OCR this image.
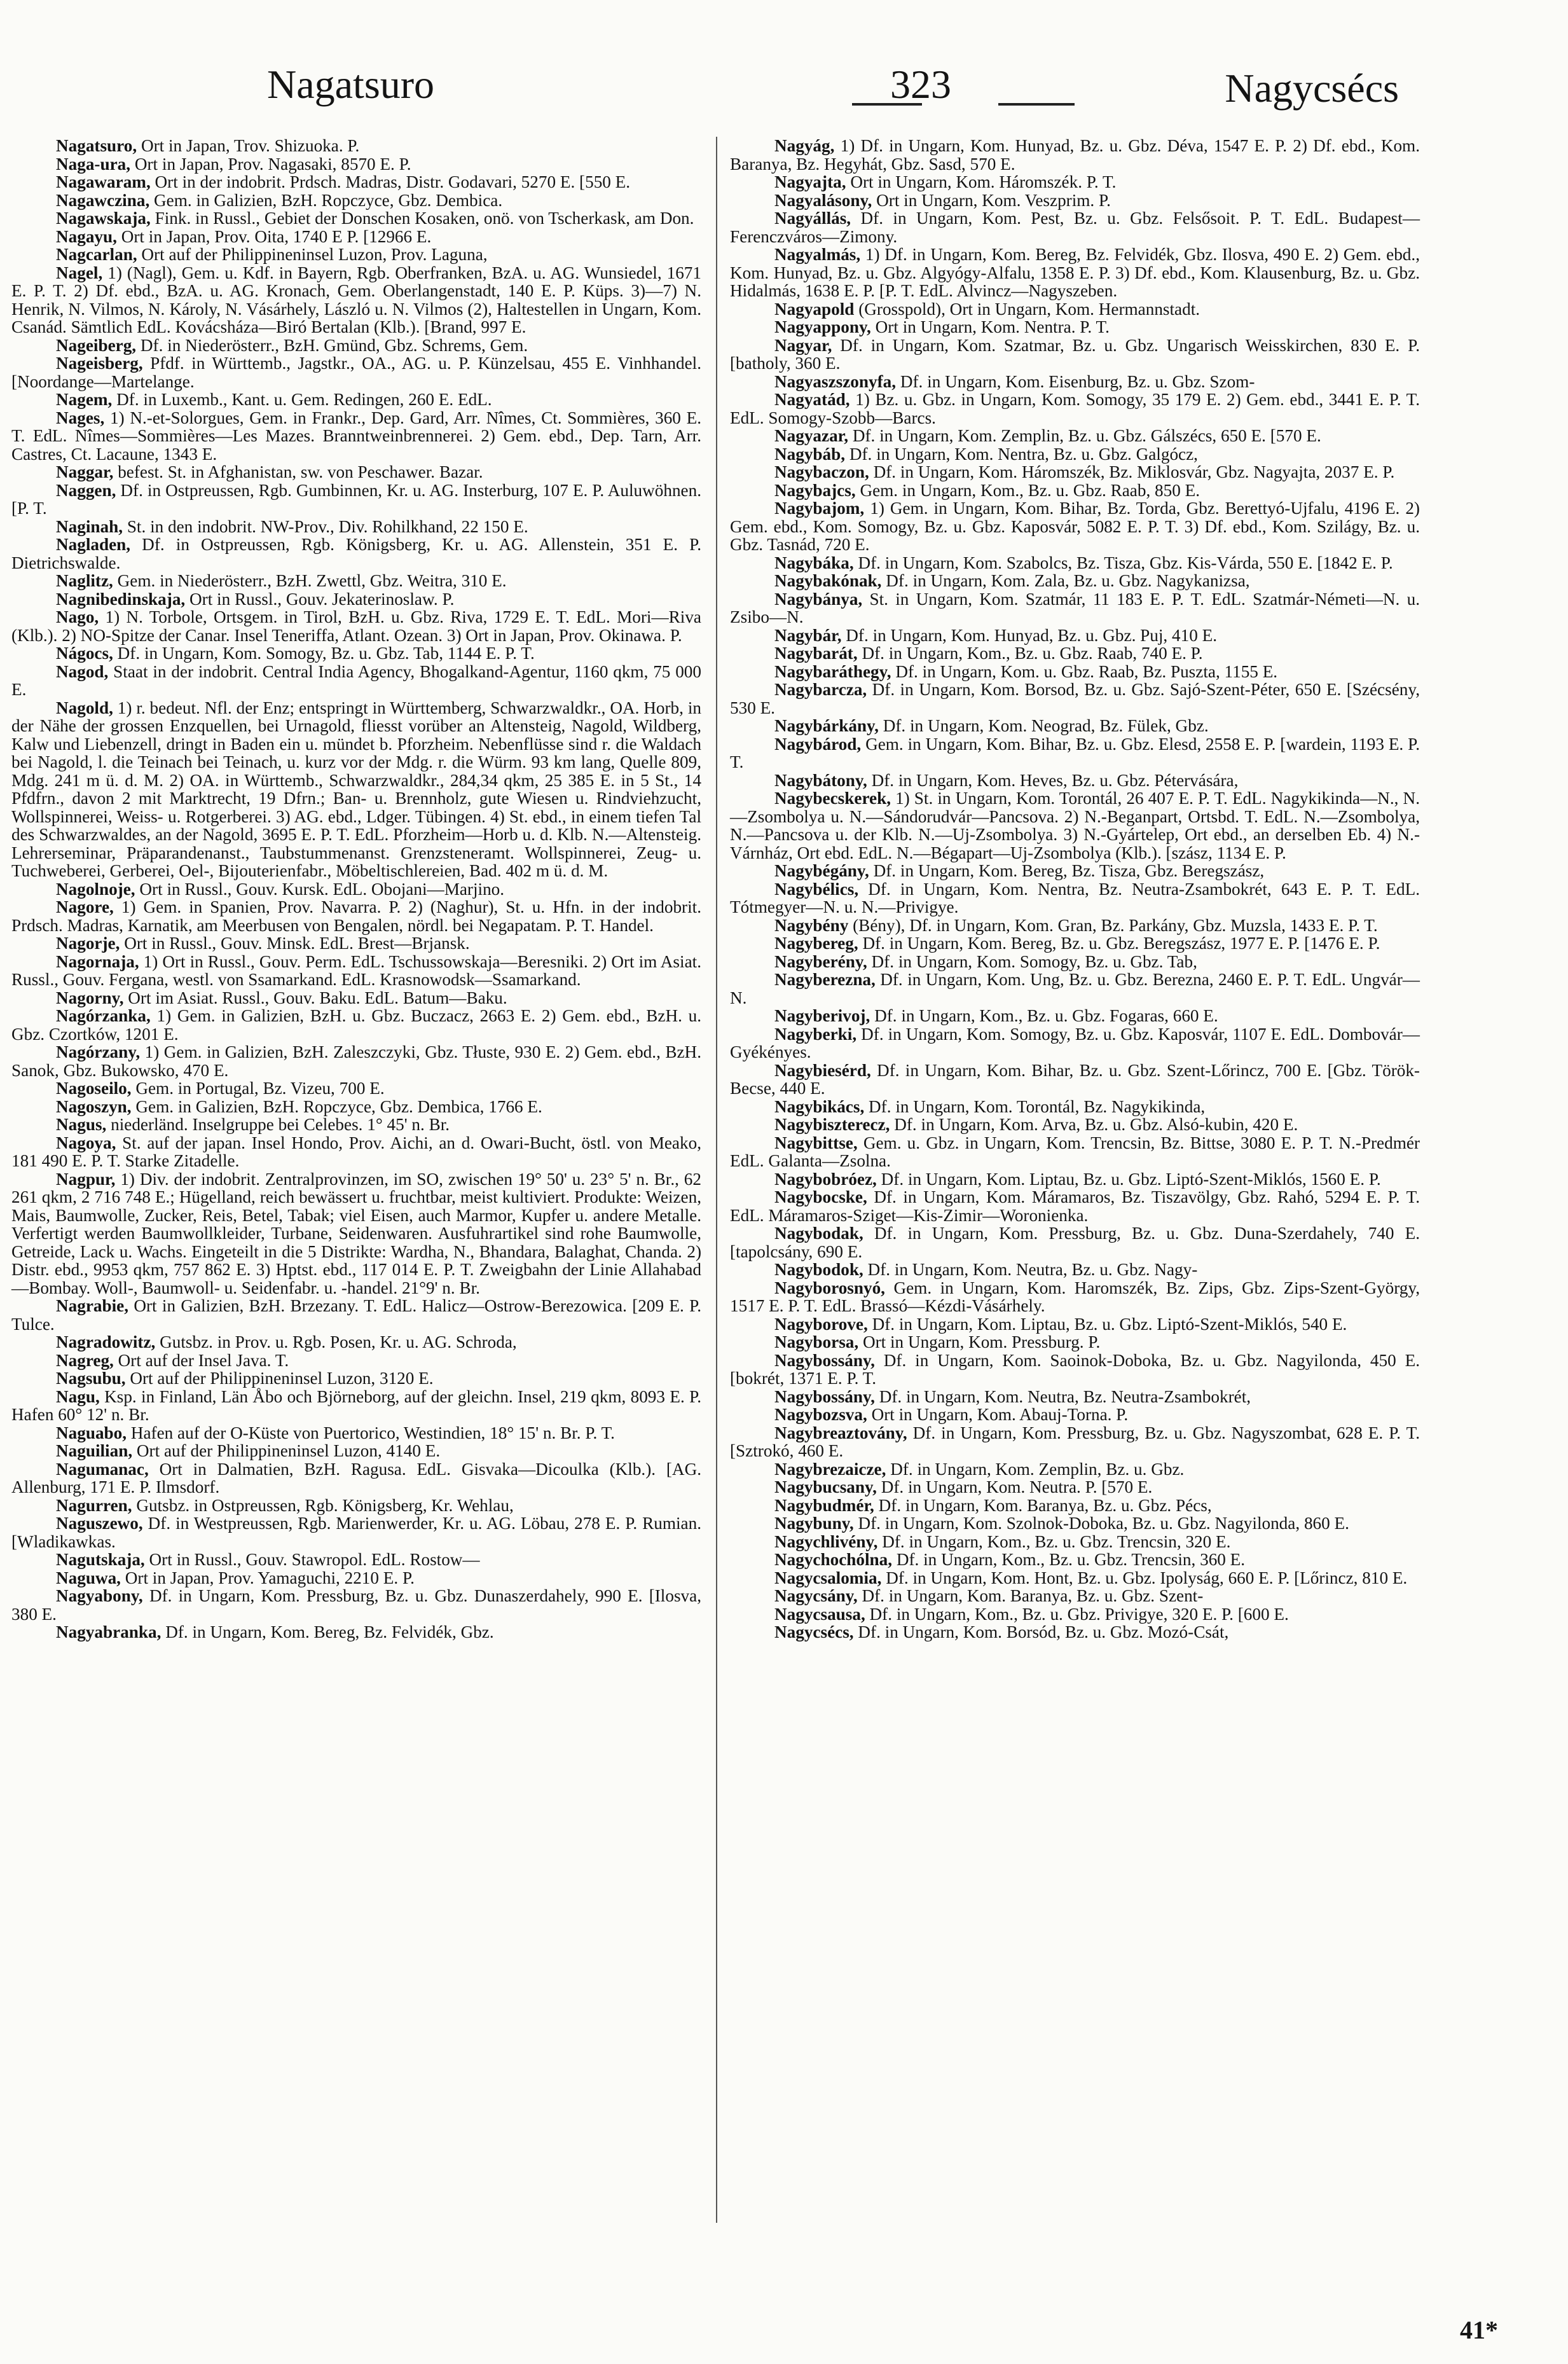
Nagatsuro	323	Nagycsécs

Nagatsuro, Ort in Japan, Trov. Shizuoka. P.

Naga-ura, Ort in Japan, Prov. Nagasaki, 8570 E. P.

Nagawaram, Ort in der indobrit. Prdsch. Madras, Distr. Godavari, 5270 E. [550 E.

Nagawczina, Gem. in Galizien, BzH. Ropczyce, Gbz. Dembica.

Nagawskaja, Fink. in Russl., Gebiet der Donschen Kosaken, onö. von Tscherkask, am Don.

Nagayu, Ort in Japan, Prov. Oita, 1740 E P. [12966 E.

Nagcarlan, Ort auf der Philippineninsel Luzon, Prov. Laguna,

Nagel, 1) (Nagl), Gem. u. Kdf. in Bayern, Rgb. Oberfranken, BzA. u. AG. Wunsiedel, 1671 E. P. T. 2) Df. ebd., BzA. u. AG. Kronach, Gem. Oberlangenstadt, 140 E. P. Küps. 3)—7) N. Henrik, N. Vilmos, N. Károly, N. Vásárhely, László u. N. Vilmos (2), Haltestellen in Ungarn, Kom. Csanád. Sämtlich EdL. Kovácsháza—Biró Bertalan (Klb.). [Brand, 997 E.

Nageiberg, Df. in Niederösterr., BzH. Gmünd, Gbz. Schrems, Gem.

Nageisberg, Pfdf. in Württemb., Jagstkr., OA., AG. u. P. Künzelsau, 455 E. Vinhhandel. [Noordange—Martelange.

Nagem, Df. in Luxemb., Kant. u. Gem. Redingen, 260 E. EdL.

Nages, 1) N.-et-Solorgues, Gem. in Frankr., Dep. Gard, Arr. Nîmes, Ct. Sommières, 360 E. T. EdL. Nîmes—Sommières—Les Mazes. Branntweinbrennerei. 2) Gem. ebd., Dep. Tarn, Arr. Castres, Ct. Lacaune, 1343 E.

Naggar, befest. St. in Afghanistan, sw. von Peschawer. Bazar.

Naggen, Df. in Ostpreussen, Rgb. Gumbinnen, Kr. u. AG. Insterburg, 107 E. P. Auluwöhnen. [P. T.

Naginah, St. in den indobrit. NW-Prov., Div. Rohilkhand, 22 150 E.

Nagladen, Df. in Ostpreussen, Rgb. Königsberg, Kr. u. AG. Allenstein, 351 E. P. Dietrichswalde.

Naglitz, Gem. in Niederösterr., BzH. Zwettl, Gbz. Weitra, 310 E.

Nagnibedinskaja, Ort in Russl., Gouv. Jekaterinoslaw. P.

Nago, 1) N. Torbole, Ortsgem. in Tirol, BzH. u. Gbz. Riva, 1729 E. T. EdL. Mori—Riva (Klb.). 2) NO-Spitze der Canar. Insel Teneriffa, Atlant. Ozean. 3) Ort in Japan, Prov. Okinawa. P.

Nágocs, Df. in Ungarn, Kom. Somogy, Bz. u. Gbz. Tab, 1144 E. P. T.

Nagod, Staat in der indobrit. Central India Agency, Bhogalkand-Agentur, 1160 qkm, 75 000 E.

Nagold, 1) r. bedeut. Nfl. der Enz; entspringt in Württemberg, Schwarzwaldkr., OA. Horb, in der Nähe der grossen Enzquellen, bei Urnagold, fliesst vorüber an Altensteig, Nagold, Wildberg, Kalw und Liebenzell, dringt in Baden ein u. mündet b. Pforzheim. Nebenflüsse sind r. die Waldach bei Nagold, l. die Teinach bei Teinach, u. kurz vor der Mdg. r. die Würm. 93 km lang, Quelle 809, Mdg. 241 m ü. d. M. 2) OA. in Württemb., Schwarzwaldkr., 284,34 qkm, 25 385 E. in 5 St., 14 Pfdfrn., davon 2 mit Marktrecht, 19 Dfrn.; Ban- u. Brennholz, gute Wiesen u. Rindviehzucht, Wollspinnerei, Weiss- u. Rotgerberei. 3) AG. ebd., Ldger. Tübingen. 4) St. ebd., in einem tiefen Tal des Schwarzwaldes, an der Nagold, 3695 E. P. T. EdL. Pforzheim—Horb u. d. Klb. N.—Altensteig. Lehrerseminar, Präparandenanst., Taubstummenanst. Grenzsteneramt. Wollspinnerei, Zeug- u. Tuchweberei, Gerberei, Oel-, Bijouterienfabr., Möbeltischlereien, Bad. 402 m ü. d. M.

Nagolnoje, Ort in Russl., Gouv. Kursk. EdL. Obojani—Marjino.

Nagore, 1) Gem. in Spanien, Prov. Navarra. P. 2) (Naghur), St. u. Hfn. in der indobrit. Prdsch. Madras, Karnatik, am Meerbusen von Bengalen, nördl. bei Negapatam. P. T. Handel.

Nagorje, Ort in Russl., Gouv. Minsk. EdL. Brest—Brjansk.

Nagornaja, 1) Ort in Russl., Gouv. Perm. EdL. Tschussowskaja—Beresniki. 2) Ort im Asiat. Russl., Gouv. Fergana, westl. von Ssamarkand. EdL. Krasnowodsk—Ssamarkand.

Nagorny, Ort im Asiat. Russl., Gouv. Baku. EdL. Batum—Baku.

Nagórzanka, 1) Gem. in Galizien, BzH. u. Gbz. Buczacz, 2663 E. 2) Gem. ebd., BzH. u. Gbz. Czortków, 1201 E.

Nagórzany, 1) Gem. in Galizien, BzH. Zaleszczyki, Gbz. Tłuste, 930 E. 2) Gem. ebd., BzH. Sanok, Gbz. Bukowsko, 470 E.

Nagoseilo, Gem. in Portugal, Bz. Vizeu, 700 E.

Nagoszyn, Gem. in Galizien, BzH. Ropczyce, Gbz. Dembica, 1766 E.

Nagus, niederländ. Inselgruppe bei Celebes. 1° 45' n. Br.

Nagoya, St. auf der japan. Insel Hondo, Prov. Aichi, an d. Owari-Bucht, östl. von Meako, 181 490 E. P. T. Starke Zitadelle.

Nagpur, 1) Div. der indobrit. Zentralprovinzen, im SO, zwischen 19° 50' u. 23° 5' n. Br., 62 261 qkm, 2 716 748 E.; Hügelland, reich bewässert u. fruchtbar, meist kultiviert. Produkte: Weizen, Mais, Baumwolle, Zucker, Reis, Betel, Tabak; viel Eisen, auch Marmor, Kupfer u. andere Metalle. Verfertigt werden Baumwollkleider, Turbane, Seidenwaren. Ausfuhrartikel sind rohe Baumwolle, Getreide, Lack u. Wachs. Eingeteilt in die 5 Distrikte: Wardha, N., Bhandara, Balaghat, Chanda. 2) Distr. ebd., 9953 qkm, 757 862 E. 3) Hptst. ebd., 117 014 E. P. T. Zweigbahn der Linie Allahabad—Bombay. Woll-, Baumwoll- u. Seidenfabr. u. -handel. 21°9' n. Br.

Nagrabie, Ort in Galizien, BzH. Brzezany. T. EdL. Halicz—Ostrow-Berezowica. [209 E. P. Tulce.

Nagradowitz, Gutsbz. in Prov. u. Rgb. Posen, Kr. u. AG. Schroda,

Nagreg, Ort auf der Insel Java. T.

Nagsubu, Ort auf der Philippineninsel Luzon, 3120 E.

Nagu, Ksp. in Finland, Län Åbo och Björneborg, auf der gleichn. Insel, 219 qkm, 8093 E. P. Hafen 60° 12' n. Br.

Naguabo, Hafen auf der O-Küste von Puertorico, Westindien, 18° 15' n. Br. P. T.

Naguilian, Ort auf der Philippineninsel Luzon, 4140 E.

Nagumanac, Ort in Dalmatien, BzH. Ragusa. EdL. Gisvaka—Dicoulka (Klb.). [AG. Allenburg, 171 E. P. Ilmsdorf.

Nagurren, Gutsbz. in Ostpreussen, Rgb. Königsberg, Kr. Wehlau,

Naguszewo, Df. in Westpreussen, Rgb. Marienwerder, Kr. u. AG. Löbau, 278 E. P. Rumian. [Wladikawkas.

Nagutskaja, Ort in Russl., Gouv. Stawropol. EdL. Rostow—

Naguwa, Ort in Japan, Prov. Yamaguchi, 2210 E. P.

Nagyabony, Df. in Ungarn, Kom. Pressburg, Bz. u. Gbz. Dunaszerdahely, 990 E. [Ilosva, 380 E.

Nagyabranka, Df. in Ungarn, Kom. Bereg, Bz. Felvidék, Gbz.

Nagyág, 1) Df. in Ungarn, Kom. Hunyad, Bz. u. Gbz. Déva, 1547 E. P. 2) Df. ebd., Kom. Baranya, Bz. Hegyhát, Gbz. Sasd, 570 E.

Nagyajta, Ort in Ungarn, Kom. Háromszék. P. T.

Nagyalásony, Ort in Ungarn, Kom. Veszprim. P.

Nagyállás, Df. in Ungarn, Kom. Pest, Bz. u. Gbz. Felsősoit. P. T. EdL. Budapest—Ferenczváros—Zimony.

Nagyalmás, 1) Df. in Ungarn, Kom. Bereg, Bz. Felvidék, Gbz. Ilosva, 490 E. 2) Gem. ebd., Kom. Hunyad, Bz. u. Gbz. Algyógy-Alfalu, 1358 E. P. 3) Df. ebd., Kom. Klausenburg, Bz. u. Gbz. Hidalmás, 1638 E. P. [P. T. EdL. Alvincz—Nagyszeben.

Nagyapold (Grosspold), Ort in Ungarn, Kom. Hermannstadt.

Nagyappony, Ort in Ungarn, Kom. Nentra. P. T.

Nagyar, Df. in Ungarn, Kom. Szatmar, Bz. u. Gbz. Ungarisch Weisskirchen, 830 E. P. [batholy, 360 E.

Nagyaszszonyfa, Df. in Ungarn, Kom. Eisenburg, Bz. u. Gbz. Szom-

Nagyatád, 1) Bz. u. Gbz. in Ungarn, Kom. Somogy, 35 179 E. 2) Gem. ebd., 3441 E. P. T. EdL. Somogy-Szobb—Barcs.

Nagyazar, Df. in Ungarn, Kom. Zemplin, Bz. u. Gbz. Gálszécs, 650 E. [570 E.

Nagybáb, Df. in Ungarn, Kom. Nentra, Bz. u. Gbz. Galgócz,

Nagybaczon, Df. in Ungarn, Kom. Háromszék, Bz. Miklosvár, Gbz. Nagyajta, 2037 E. P.

Nagybajcs, Gem. in Ungarn, Kom., Bz. u. Gbz. Raab, 850 E.

Nagybajom, 1) Gem. in Ungarn, Kom. Bihar, Bz. Torda, Gbz. Berettyó-Ujfalu, 4196 E. 2) Gem. ebd., Kom. Somogy, Bz. u. Gbz. Kaposvár, 5082 E. P. T. 3) Df. ebd., Kom. Szilágy, Bz. u. Gbz. Tasnád, 720 E.

Nagybáka, Df. in Ungarn, Kom. Szabolcs, Bz. Tisza, Gbz. Kis-Várda, 550 E. [1842 E. P.

Nagybakónak, Df. in Ungarn, Kom. Zala, Bz. u. Gbz. Nagykanizsa,

Nagybánya, St. in Ungarn, Kom. Szatmár, 11 183 E. P. T. EdL. Szatmár-Németi—N. u. Zsibo—N.

Nagybár, Df. in Ungarn, Kom. Hunyad, Bz. u. Gbz. Puj, 410 E.

Nagybarát, Df. in Ungarn, Kom., Bz. u. Gbz. Raab, 740 E. P.

Nagybaráthegy, Df. in Ungarn, Kom. u. Gbz. Raab, Bz. Puszta, 1155 E.

Nagybarcza, Df. in Ungarn, Kom. Borsod, Bz. u. Gbz. Sajó-Szent-Péter, 650 E. [Szécsény, 530 E.

Nagybárkány, Df. in Ungarn, Kom. Neograd, Bz. Fülek, Gbz.

Nagybárod, Gem. in Ungarn, Kom. Bihar, Bz. u. Gbz. Elesd, 2558 E. P. [wardein, 1193 E. P. T.

Nagybátony, Df. in Ungarn, Kom. Heves, Bz. u. Gbz. Pétervására,

Nagybecskerek, 1) St. in Ungarn, Kom. Torontál, 26 407 E. P. T. EdL. Nagykikinda—N., N.—Zsombolya u. N.—Sándorudvár—Pancsova. 2) N.-Beganpart, Ortsbd. T. EdL. N.—Zsombolya, N.—Pancsova u. der Klb. N.—Uj-Zsombolya. 3) N.-Gyártelep, Ort ebd., an derselben Eb. 4) N.-Várnház, Ort ebd. EdL. N.—Bégapart—Uj-Zsombolya (Klb.). [szász, 1134 E. P.

Nagybégány, Df. in Ungarn, Kom. Bereg, Bz. Tisza, Gbz. Beregszász,

Nagybélics, Df. in Ungarn, Kom. Nentra, Bz. Neutra-Zsambokrét, 643 E. P. T. EdL. Tótmegyer—N. u. N.—Privigye.

Nagybény (Bény), Df. in Ungarn, Kom. Gran, Bz. Parkány, Gbz. Muzsla, 1433 E. P. T.

Nagybereg, Df. in Ungarn, Kom. Bereg, Bz. u. Gbz. Beregszász, 1977 E. P. [1476 E. P.

Nagyberény, Df. in Ungarn, Kom. Somogy, Bz. u. Gbz. Tab,

Nagyberezna, Df. in Ungarn, Kom. Ung, Bz. u. Gbz. Berezna, 2460 E. P. T. EdL. Ungvár—N.

Nagyberivoj, Df. in Ungarn, Kom., Bz. u. Gbz. Fogaras, 660 E.

Nagyberki, Df. in Ungarn, Kom. Somogy, Bz. u. Gbz. Kaposvár, 1107 E. EdL. Dombovár—Gyékényes.

Nagybiesérd, Df. in Ungarn, Kom. Bihar, Bz. u. Gbz. Szent-Lőrincz, 700 E. [Gbz. Török-Becse, 440 E.

Nagybikács, Df. in Ungarn, Kom. Torontál, Bz. Nagykikinda,

Nagybiszterecz, Df. in Ungarn, Kom. Arva, Bz. u. Gbz. Alsó-kubin, 420 E.

Nagybittse, Gem. u. Gbz. in Ungarn, Kom. Trencsin, Bz. Bittse, 3080 E. P. T. N.-Predmér EdL. Galanta—Zsolna.

Nagybobróez, Df. in Ungarn, Kom. Liptau, Bz. u. Gbz. Liptó-Szent-Miklós, 1560 E. P.

Nagybocske, Df. in Ungarn, Kom. Máramaros, Bz. Tiszavölgy, Gbz. Rahó, 5294 E. P. T. EdL. Máramaros-Sziget—Kis-Zimir—Woronienka.

Nagybodak, Df. in Ungarn, Kom. Pressburg, Bz. u. Gbz. Duna-Szerdahely, 740 E. [tapolcsány, 690 E.

Nagybodok, Df. in Ungarn, Kom. Neutra, Bz. u. Gbz. Nagy-

Nagyborosnyó, Gem. in Ungarn, Kom. Haromszék, Bz. Zips, Gbz. Zips-Szent-György, 1517 E. P. T. EdL. Brassó—Kézdi-Vásárhely.

Nagyborove, Df. in Ungarn, Kom. Liptau, Bz. u. Gbz. Liptó-Szent-Miklós, 540 E.

Nagyborsa, Ort in Ungarn, Kom. Pressburg. P.

Nagybossány, Df. in Ungarn, Kom. Saoinok-Doboka, Bz. u. Gbz. Nagyilonda, 450 E. [bokrét, 1371 E. P. T.

Nagybossány, Df. in Ungarn, Kom. Neutra, Bz. Neutra-Zsambokrét,

Nagybozsva, Ort in Ungarn, Kom. Abauj-Torna. P.

Nagybreaztovány, Df. in Ungarn, Kom. Pressburg, Bz. u. Gbz. Nagyszombat, 628 E. P. T. [Sztrokó, 460 E.

Nagybrezaicze, Df. in Ungarn, Kom. Zemplin, Bz. u. Gbz.

Nagybucsany, Df. in Ungarn, Kom. Neutra. P. [570 E.

Nagybudmér, Df. in Ungarn, Kom. Baranya, Bz. u. Gbz. Pécs,

Nagybuny, Df. in Ungarn, Kom. Szolnok-Doboka, Bz. u. Gbz. Nagyilonda, 860 E.

Nagychlivény, Df. in Ungarn, Kom., Bz. u. Gbz. Trencsin, 320 E.

Nagychochólna, Df. in Ungarn, Kom., Bz. u. Gbz. Trencsin, 360 E.

Nagycsalomia, Df. in Ungarn, Kom. Hont, Bz. u. Gbz. Ipolyság, 660 E. P. [Lőrincz, 810 E.

Nagycsány, Df. in Ungarn, Kom. Baranya, Bz. u. Gbz. Szent-

Nagycsausa, Df. in Ungarn, Kom., Bz. u. Gbz. Privigye, 320 E. P. [600 E.

Nagycsécs, Df. in Ungarn, Kom. Borsód, Bz. u. Gbz. Mozó-Csát,

41*
